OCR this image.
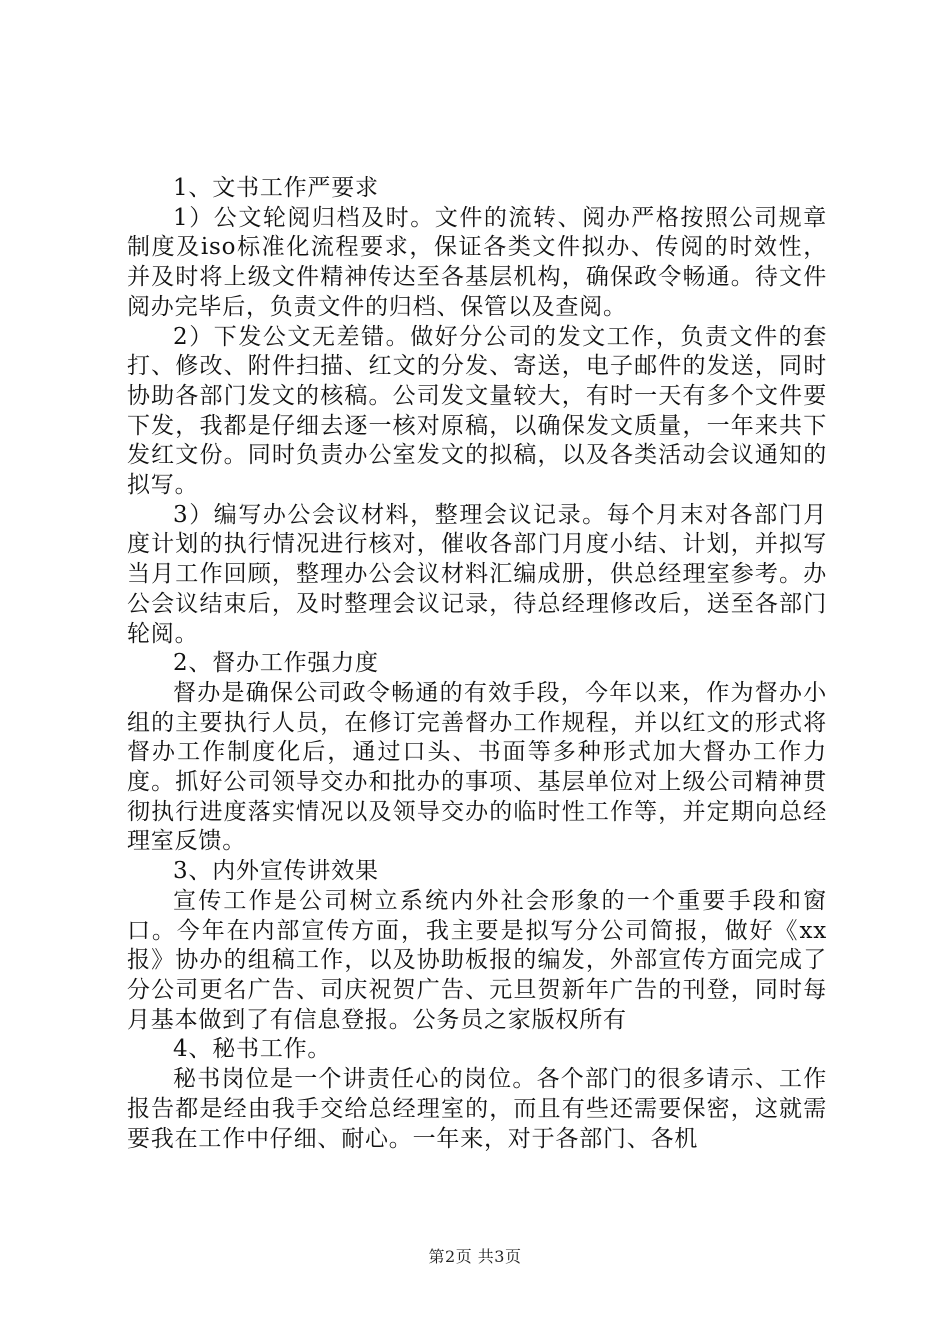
1、文书工作严要求

1）公文轮阅归档及时。文件的流转、阅办严格按照公司规章制度及iso标准化流程要求，保证各类文件拟办、传阅的时效性，并及时将上级文件精神传达至各基层机构，确保政令畅通。待文件阅办完毕后，负责文件的归档、保管以及查阅。

2）下发公文无差错。做好分公司的发文工作，负责文件的套打、修改、附件扫描、红文的分发、寄送，电子邮件的发送，同时协助各部门发文的核稿。公司发文量较大，有时一天有多个文件要下发，我都是仔细去逐一核对原稿，以确保发文质量，一年来共下发红文份。同时负责办公室发文的拟稿，以及各类活动会议通知的拟写。

3）编写办公会议材料，整理会议记录。每个月末对各部门月度计划的执行情况进行核对，催收各部门月度小结、计划，并拟写当月工作回顾，整理办公会议材料汇编成册，供总经理室参考。办公会议结束后，及时整理会议记录，待总经理修改后，送至各部门轮阅。

2、督办工作强力度

督办是确保公司政令畅通的有效手段，今年以来，作为督办小组的主要执行人员，在修订完善督办工作规程，并以红文的形式将督办工作制度化后，通过口头、书面等多种形式加大督办工作力度。抓好公司领导交办和批办的事项、基层单位对上级公司精神贯彻执行进度落实情况以及领导交办的临时性工作等，并定期向总经理室反馈。

3、内外宣传讲效果

宣传工作是公司树立系统内外社会形象的一个重要手段和窗口。今年在内部宣传方面，我主要是拟写分公司简报，做好《xx报》协办的组稿工作，以及协助板报的编发，外部宣传方面完成了分公司更名广告、司庆祝贺广告、元旦贺新年广告的刊登，同时每月基本做到了有信息登报。公务员之家版权所有

4、秘书工作。

秘书岗位是一个讲责任心的岗位。各个部门的很多请示、工作报告都是经由我手交给总经理室的，而且有些还需要保密，这就需要我在工作中仔细、耐心。一年来，对于各部门、各机

第2页 共3页
